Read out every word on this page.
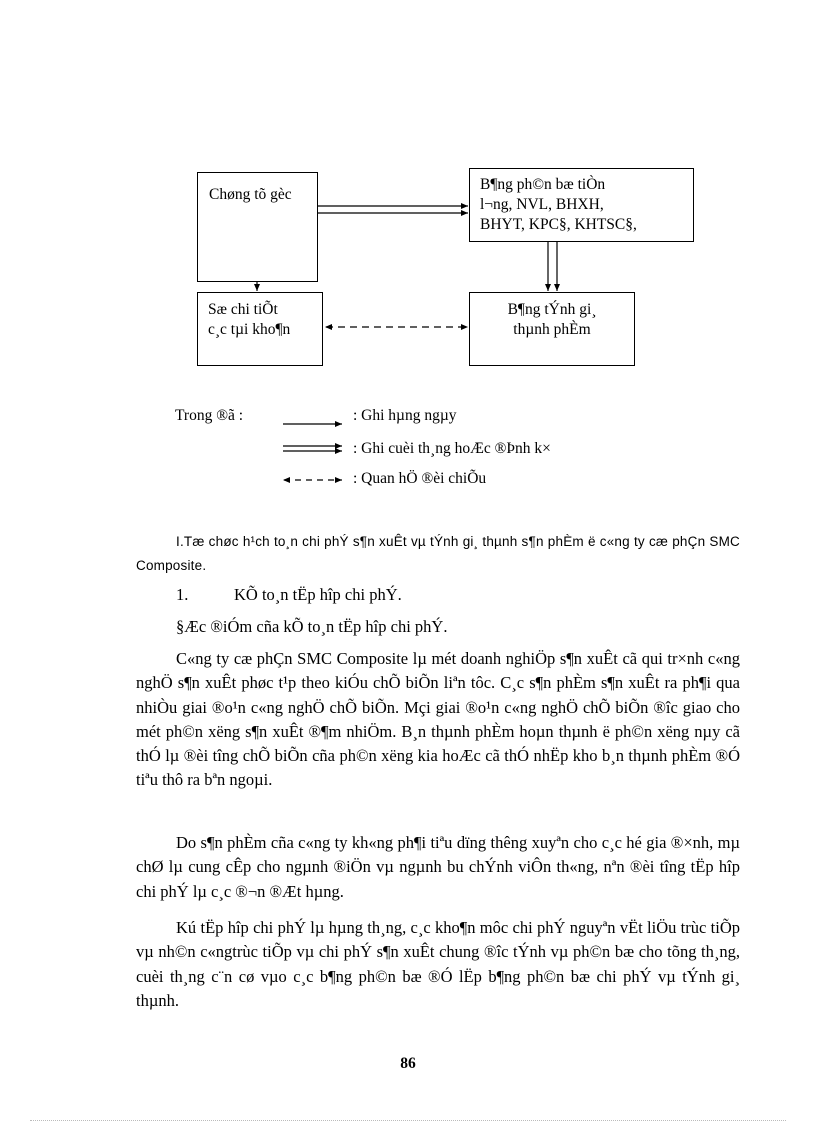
Chøng tõ gèc
B¶ng ph©n bæ tiÒn
l¬ng, NVL, BHXH,
BHYT, KPC§, KHTSC§,
Sæ chi tiÕt
c¸c tµi kho¶n
B¶ng tÝnh gi¸
thµnh phÈm
Trong ®ã :	: Ghi hµng ngµy
: Ghi cuèi th¸ng hoÆc ®Þnh k×
: Quan hÖ ®èi chiÕu
I.Tæ chøc h¹ch to¸n chi phÝ s¶n xuÊt vµ tÝnh gi¸ thµnh s¶n phÈm ë c«ng ty cæ phÇn SMC Composite.
1.	KÕ to¸n tËp hîp chi phÝ.
§Æc ®iÓm cña kÕ to¸n tËp hîp chi phÝ.
C«ng ty cæ phÇn SMC Composite lµ mét doanh nghiÖp s¶n xuÊt cã qui tr×nh c«ng nghÖ s¶n xuÊt phøc t¹p theo kiÓu chÕ biÕn liªn tôc. C¸c s¶n phÈm s¶n xuÊt ra ph¶i qua nhiÒu giai ®o¹n c«ng nghÖ chÕ biÕn. Mçi giai ®o¹n c«ng nghÖ chÕ biÕn ®îc giao cho mét ph©n xëng s¶n xuÊt ®¶m nhiÖm. B¸n thµnh phÈm hoµn thµnh ë ph©n xëng nµy cã thÓ lµ ®èi tîng chÕ biÕn cña ph©n xëng kia hoÆc cã thÓ nhËp kho b¸n thµnh phÈm ®Ó tiªu thô ra bªn ngoµi.
Do s¶n phÈm cña c«ng ty kh«ng ph¶i tiªu dïng thêng xuyªn cho c¸c hé gia ®×nh, mµ chØ lµ cung cÊp cho ngµnh ®iÖn vµ ngµnh bu chÝnh viÔn th«ng, nªn ®èi tîng tËp hîp chi phÝ lµ c¸c ®¬n ®Æt hµng.
Kú tËp hîp chi phÝ lµ hµng th¸ng, c¸c kho¶n môc chi phÝ nguyªn vËt liÖu trùc tiÕp vµ nh©n c«ngtrùc tiÕp vµ chi phÝ s¶n xuÊt chung ®îc tÝnh vµ ph©n bæ cho tõng th¸ng, cuèi th¸ng c¨n cø vµo c¸c b¶ng ph©n bæ ®Ó lËp b¶ng ph©n bæ chi phÝ vµ tÝnh gi¸ thµnh.
86
